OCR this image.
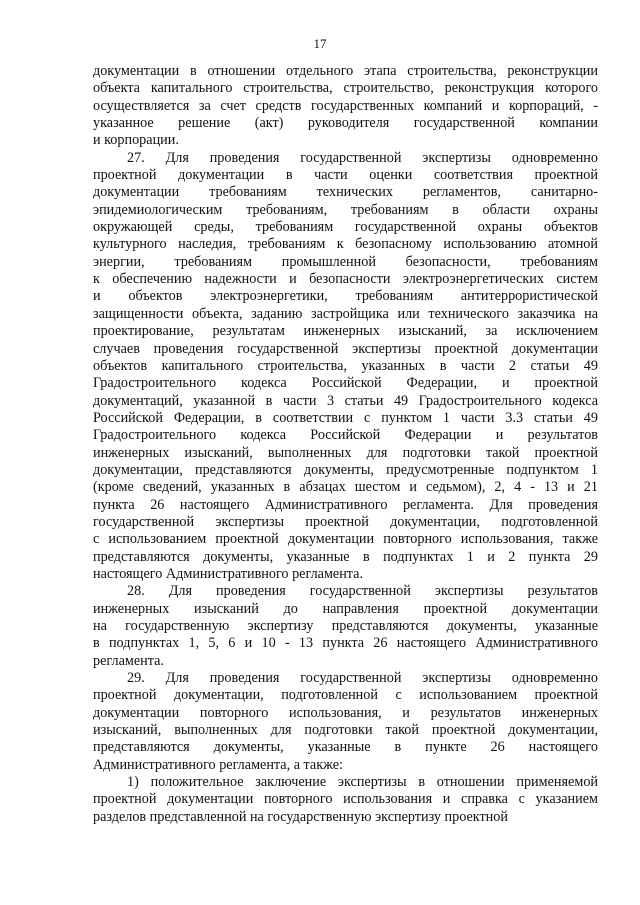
17
документации в отношении отдельного этапа строительства, реконструкции
объекта капитального строительства, строительство, реконструкция которого
осуществляется за счет средств государственных компаний и корпораций, -
указанное решение (акт) руководителя государственной компании
и корпорации.
27. Для проведения государственной экспертизы одновременно
проектной документации в части оценки соответствия проектной
документации требованиям технических регламентов, санитарно-
эпидемиологическим требованиям, требованиям в области охраны
окружающей среды, требованиям государственной охраны объектов
культурного наследия, требованиям к безопасному использованию атомной
энергии, требованиям промышленной безопасности, требованиям
к обеспечению надежности и безопасности электроэнергетических систем
и объектов электроэнергетики, требованиям антитеррористической
защищенности объекта, заданию застройщика или технического заказчика на
проектирование, результатам инженерных изысканий, за исключением
случаев проведения государственной экспертизы проектной документации
объектов капитального строительства, указанных в части 2 статьи 49
Градостроительного кодекса Российской Федерации, и проектной
документаций, указанной в части 3 статьи 49 Градостроительного кодекса
Российской Федерации, в соответствии с пунктом 1 части 3.3 статьи 49
Градостроительного кодекса Российской Федерации и результатов
инженерных изысканий, выполненных для подготовки такой проектной
документации, представляются документы, предусмотренные подпунктом 1
(кроме сведений, указанных в абзацах шестом и седьмом), 2, 4 - 13 и 21
пункта 26 настоящего Административного регламента. Для проведения
государственной экспертизы проектной документации, подготовленной
с использованием проектной документации повторного использования, также
представляются документы, указанные в подпунктах 1 и 2 пункта 29
настоящего Административного регламента.
28. Для проведения государственной экспертизы результатов
инженерных изысканий до направления проектной документации
на государственную экспертизу представляются документы, указанные
в подпунктах 1, 5, 6 и 10 - 13 пункта 26 настоящего Административного
регламента.
29. Для проведения государственной экспертизы одновременно
проектной документации, подготовленной с использованием проектной
документации повторного использования, и результатов инженерных
изысканий, выполненных для подготовки такой проектной документации,
представляются документы, указанные в пункте 26 настоящего
Административного регламента, а также:
1) положительное заключение экспертизы в отношении применяемой
проектной документации повторного использования и справка с указанием
разделов представленной на государственную экспертизу проектной
